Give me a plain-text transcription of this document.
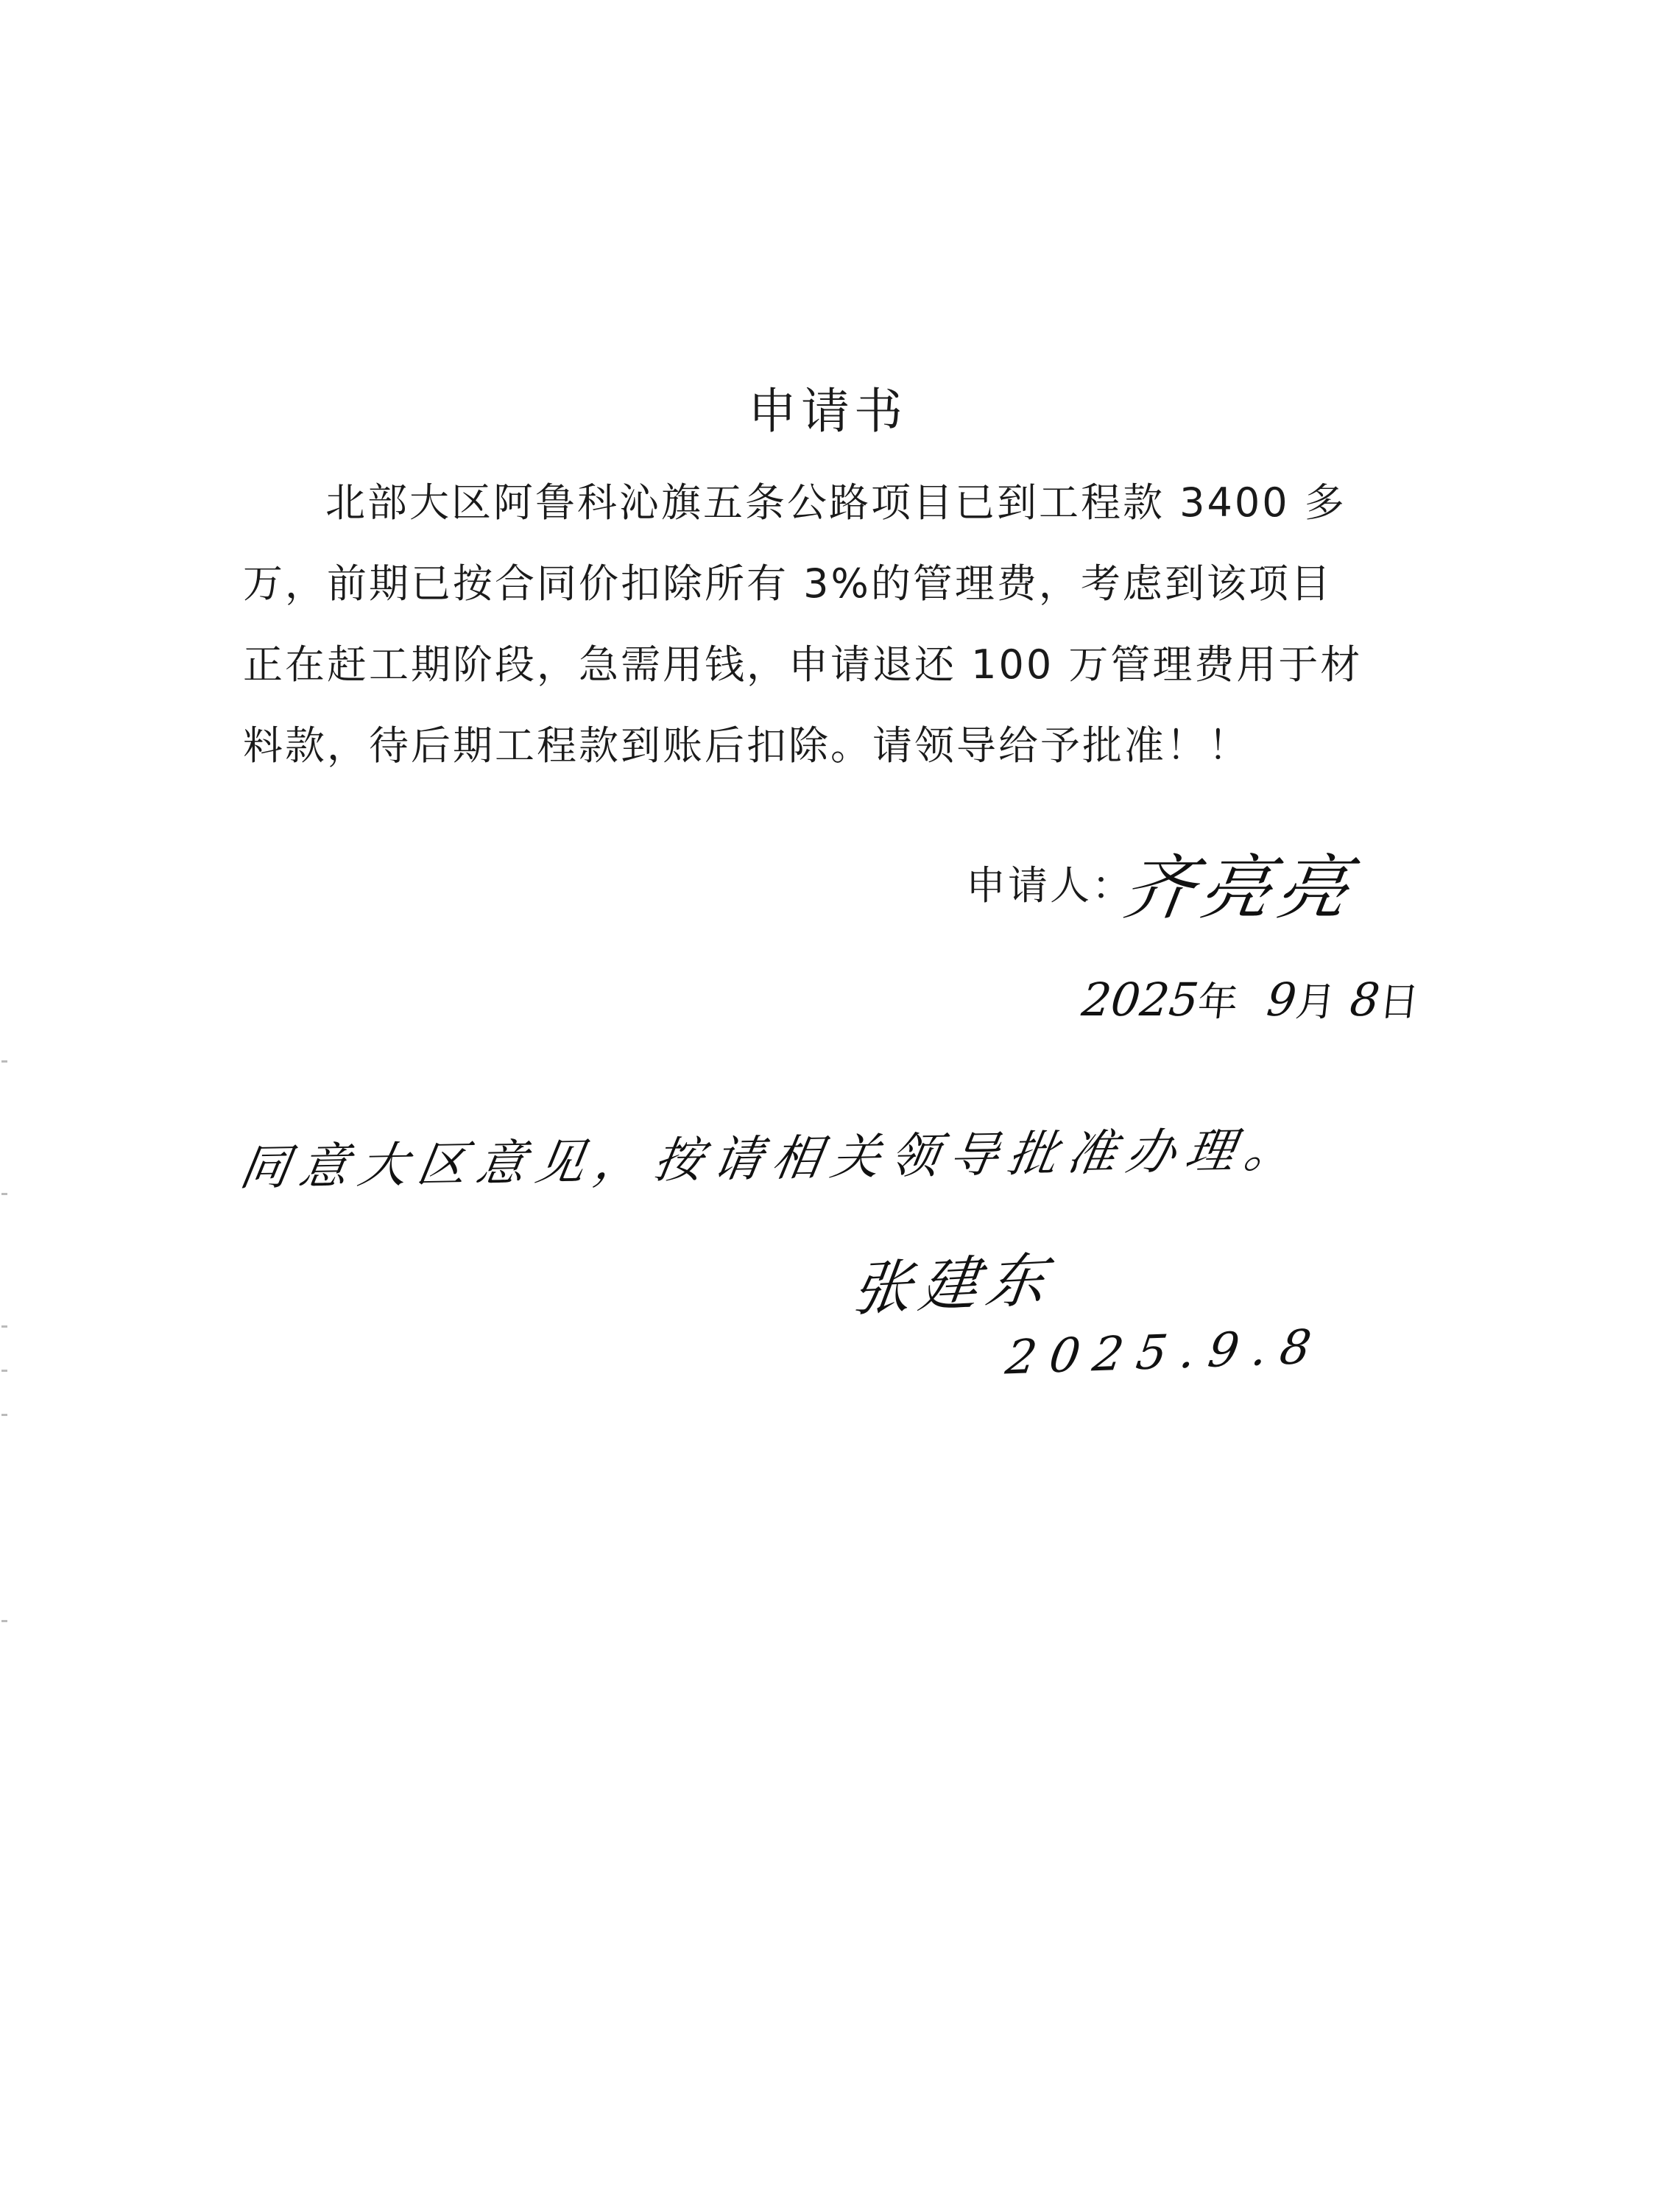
申请书
北部大区阿鲁科沁旗五条公路项目已到工程款 3400 多
万，前期已按合同价扣除所有 3%的管理费，考虑到该项目
正在赶工期阶段，急需用钱，申请退还 100 万管理费用于材
料款，待后期工程款到账后扣除。请领导给予批准！！
申请人：
齐亮亮
2025年 9月 8日
同意大区意见，按请相关领导批准办理。
张建东
2025.9.8
